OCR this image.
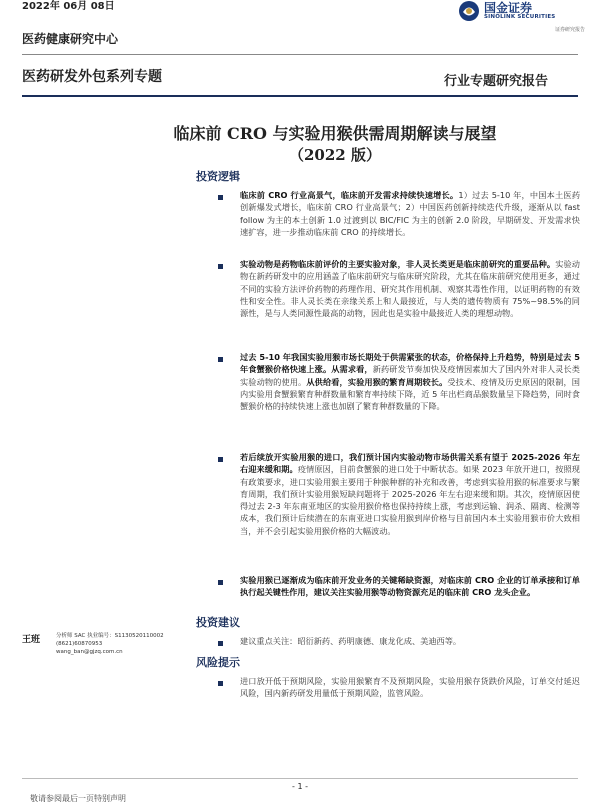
2022年 06月 08日	国金证券
SINOLINK SECURITIES
证券研究报告
医药健康研究中心
医药研发外包系列专题	行业专题研究报告
临床前 CRO 与实验用猴供需周期解读与展望
（2022 版）
投资逻辑
临床前 CRO 行业高景气，临床前开发需求持续快速增长。1）过去 5-10 年，中国本土医药创新爆发式增长，临床前 CRO 行业高景气；2）中国医药创新持续迭代升级，逐渐从以 fast follow 为主的本土创新 1.0 过渡到以 BIC/FIC 为主的创新 2.0 阶段，早期研发、开发需求快速扩容，进一步推动临床前 CRO 的持续增长。
实验动物是药物临床前评价的主要实验对象，非人灵长类更是临床前研究的重要品种。实验动物在新药研发中的应用涵盖了临床前研究与临床研究阶段，尤其在临床前研究使用更多，通过不同的实验方法评价药物的药理作用、研究其作用机制、观察其毒性作用，以证明药物的有效性和安全性。非人灵长类在亲缘关系上和人最接近，与人类的遗传物质有 75%~98.5%的同源性，是与人类同源性最高的动物，因此也是实验中最接近人类的理想动物。
过去 5-10 年我国实验用猴市场长期处于供需紧张的状态，价格保持上升趋势，特别是过去 5 年食蟹猴价格快速上涨。从需求看，新药研发节奏加快及疫情因素加大了国内外对非人灵长类实验动物的使用。从供给看，实验用猴的繁育周期较长。受技术、疫情及历史原因的限制，国内实验用食蟹猴繁育种群数量和繁育率持续下降，近 5 年出栏商品猴数量呈下降趋势，同时食蟹猴价格的持续快速上涨也加剧了繁育种群数量的下降。
若后续放开实验用猴的进口，我们预计国内实验动物市场供需关系有望于 2025-2026 年左右迎来缓和期。疫情原因，目前食蟹猴的进口处于中断状态。如果 2023 年放开进口，按照现有政策要求，进口实验用猴主要用于种猴种群的补充和改善，考虑到实验用猴的标准要求与繁育周期，我们预计实验用猴短缺问题将于 2025-2026 年左右迎来缓和期。其次，疫情原因使得过去 2-3 年东南亚地区的实验用猴价格也保持持续上涨，考虑到运输、润杀、隔离、检测等成本，我们预计后续潜在的东南亚进口实验用猴到岸价格与目前国内本土实验用猴市价大致相当，并不会引起实验用猴价格的大幅波动。
实验用猴已逐渐成为临床前开发业务的关键稀缺资源，对临床前 CRO 企业的订单承接和订单执行起关键性作用，建议关注实验用猴等动物资源充足的临床前 CRO 龙头企业。
投资建议
建议重点关注：昭衍新药、药明康德、康龙化成、美迪西等。
风险提示
进口放开低于预期风险，实验用猴繁育不及预期风险，实验用猴存货跌价风险，订单交付延迟风险，国内新药研发用量低于预期风险，监管风险。
王班	分析师 SAC 执业编号：S1130520110002
(8621)60870953
wang_ban@gjzq.com.cn
- 1 -
敬请参阅最后一页特别声明
